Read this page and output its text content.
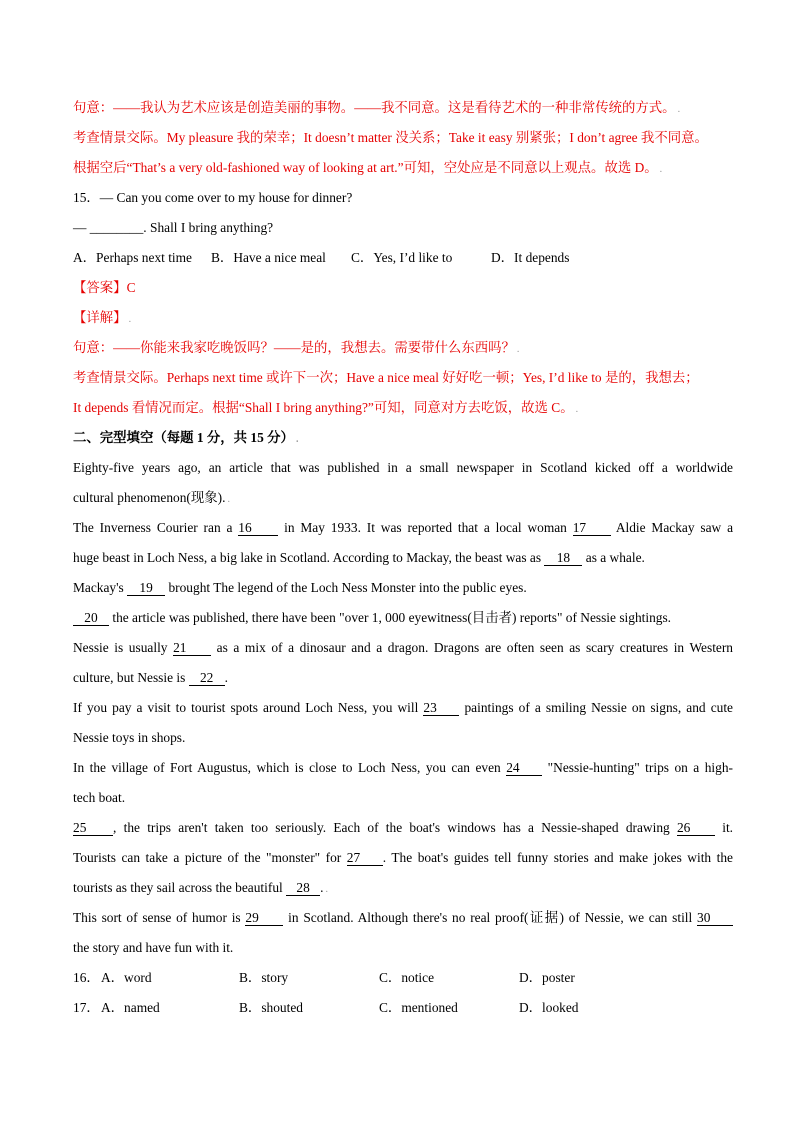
句意：——我认为艺术应该是创造美丽的事物。——我不同意。这是看待艺术的一种非常传统的方式。 .
考查情景交际。My pleasure 我的荣幸；It doesn’t matter 没关系；Take it easy 别紧张；I don’t agree 我不同意。
根据空后“That’s a very old-fashioned way of looking at art.”可知，空处应是不同意以上观点。故选 D。 .
15．— Can you come over to my house for dinner?
— ________. Shall I bring anything?
A．Perhaps next time B．Have a nice meal C．Yes, I’d like to	D．It depends
【答案】C
【详解】 .
句意：——你能来我家吃晚饭吗？——是的，我想去。需要带什么东西吗？ .
考查情景交际。Perhaps next time 或许下一次；Have a nice meal 好好吃一顿；Yes, I’d like to 是的，我想去；
It depends 看情况而定。根据“Shall I bring anything?”可知，同意对方去吃饭，故选 C。 .
二、完型填空（每题 1 分，共 15 分） .
Eighty-five years ago, an article that was published in a small newspaper in Scotland kicked off a worldwide
cultural phenomenon(现象). .
The Inverness Courier ran a 16 in May 1933. It was reported that a local woman 17 Aldie Mackay saw a
huge beast in Loch Ness, a big lake in Scotland. According to Mackay, the beast was as 18 as a whale.
Mackay's 19 brought The legend of the Loch Ness Monster into the public eyes.
20 the article was published, there have been "over 1, 000 eyewitness(目击者) reports" of Nessie sightings.
Nessie is usually 21 as a mix of a dinosaur and a dragon. Dragons are often seen as scary creatures in Western
culture, but Nessie is 22 .
If you pay a visit to tourist spots around Loch Ness, you will 23 paintings of a smiling Nessie on signs, and cute
Nessie toys in shops.
In the village of Fort Augustus, which is close to Loch Ness, you can even 24 "Nessie-hunting" trips on a high-
tech boat.
25 , the trips aren't taken too seriously. Each of the boat's windows has a Nessie-shaped drawing 26 it.
Tourists can take a picture of the "monster" for 27 . The boat's guides tell funny stories and make jokes with the
tourists as they sail across the beautiful 28 . .
This sort of sense of humor is 29 in Scotland. Although there's no real proof(证据) of Nessie, we can still 30
the story and have fun with it.
16．A．word	B．story	C．notice	D．poster
17．A．named	B．shouted	C．mentioned	D．looked
